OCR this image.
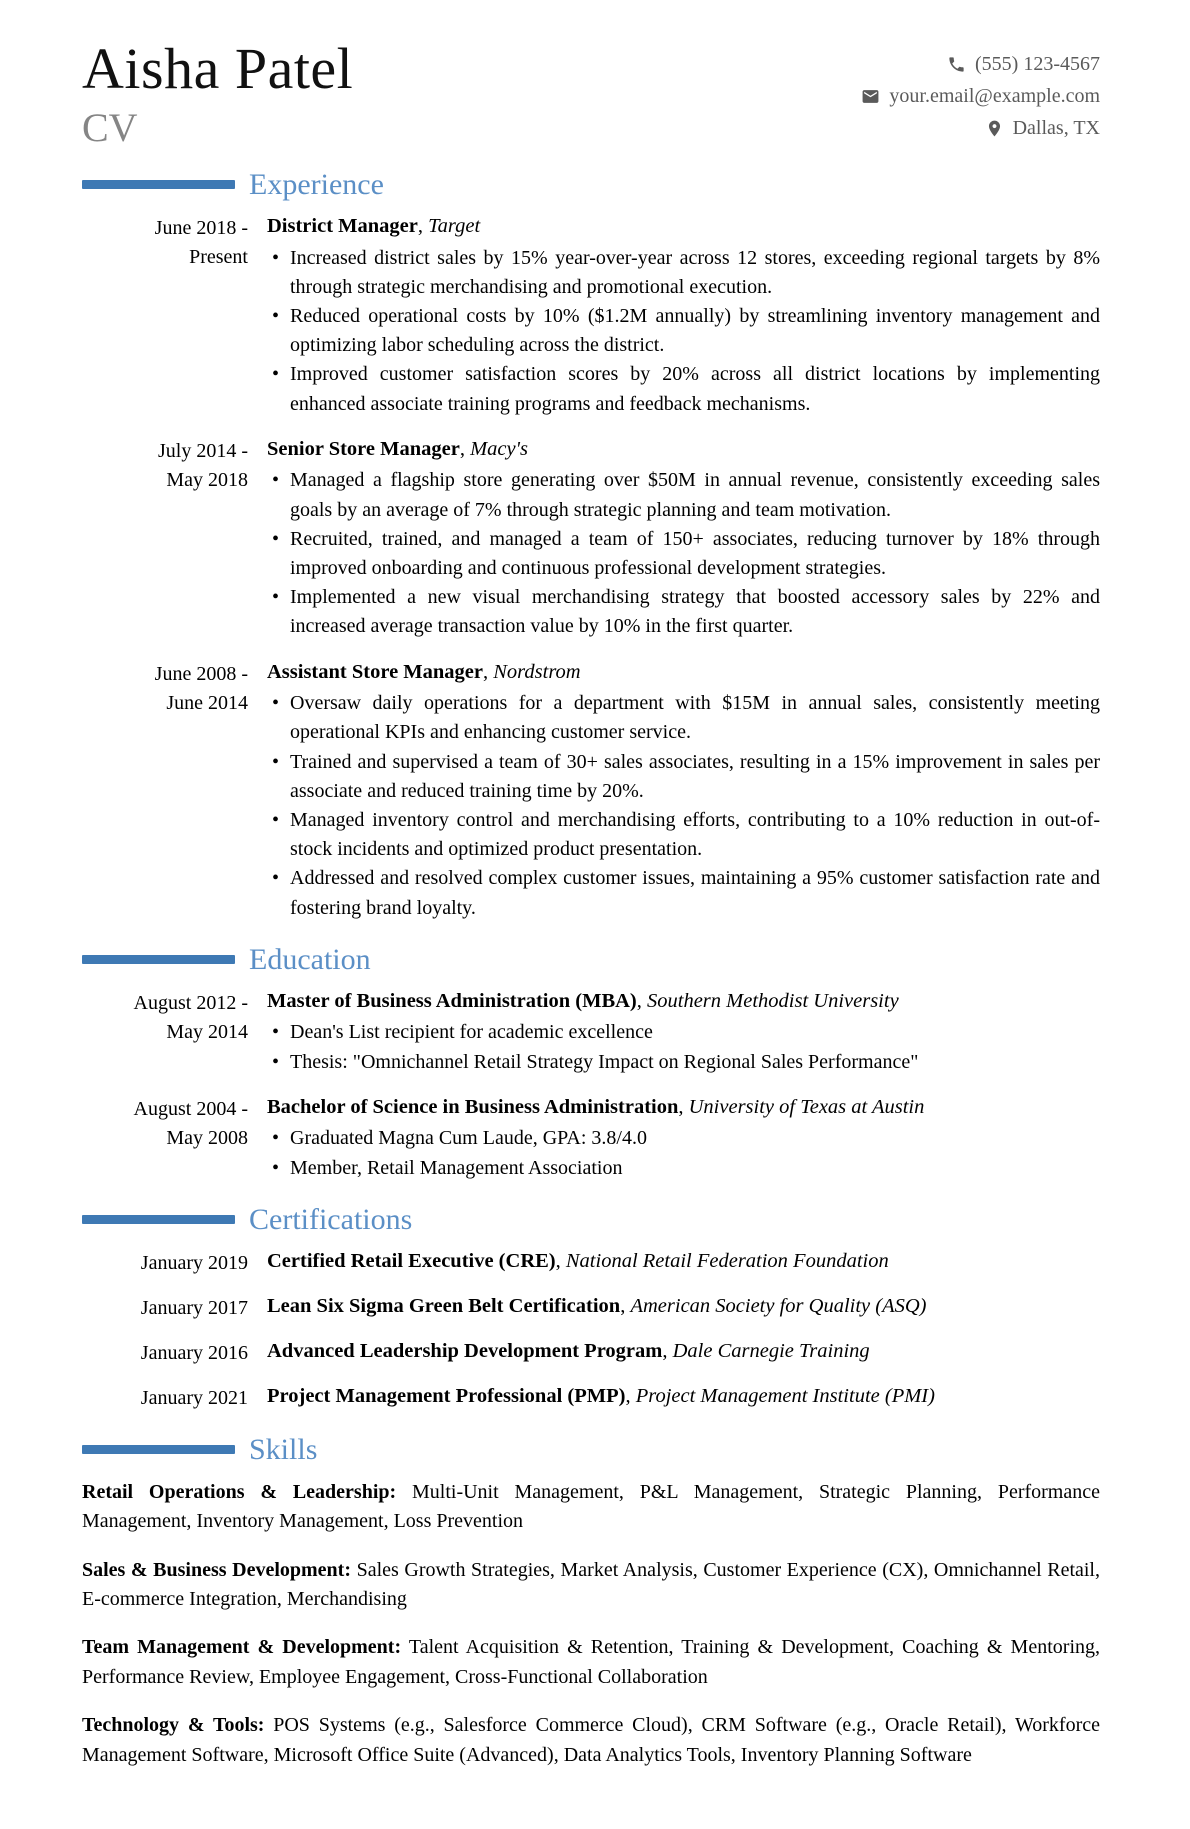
Aisha Patel
CV
(555) 123-4567
your.email@example.com
Dallas, TX
Experience
June 2018 -
Present
District Manager, Target
• Increased district sales by 15% year-over-year across 12 stores, exceeding regional targets by 8% through strategic merchandising and promotional execution.
• Reduced operational costs by 10% ($1.2M annually) by streamlining inventory management and optimizing labor scheduling across the district.
• Improved customer satisfaction scores by 20% across all district locations by implementing enhanced associate training programs and feedback mechanisms.
July 2014 -
May 2018
Senior Store Manager, Macy's
• Managed a flagship store generating over $50M in annual revenue, consistently exceeding sales goals by an average of 7% through strategic planning and team motivation.
• Recruited, trained, and managed a team of 150+ associates, reducing turnover by 18% through improved onboarding and continuous professional development strategies.
• Implemented a new visual merchandising strategy that boosted accessory sales by 22% and increased average transaction value by 10% in the first quarter.
June 2008 -
June 2014
Assistant Store Manager, Nordstrom
• Oversaw daily operations for a department with $15M in annual sales, consistently meeting operational KPIs and enhancing customer service.
• Trained and supervised a team of 30+ sales associates, resulting in a 15% improvement in sales per associate and reduced training time by 20%.
• Managed inventory control and merchandising efforts, contributing to a 10% reduction in out-of-stock incidents and optimized product presentation.
• Addressed and resolved complex customer issues, maintaining a 95% customer satisfaction rate and fostering brand loyalty.
Education
August 2012 -
May 2014
Master of Business Administration (MBA), Southern Methodist University
• Dean's List recipient for academic excellence
• Thesis: "Omnichannel Retail Strategy Impact on Regional Sales Performance"
August 2004 -
May 2008
Bachelor of Science in Business Administration, University of Texas at Austin
• Graduated Magna Cum Laude, GPA: 3.8/4.0
• Member, Retail Management Association
Certifications
January 2019 Certified Retail Executive (CRE), National Retail Federation Foundation
January 2017 Lean Six Sigma Green Belt Certification, American Society for Quality (ASQ)
January 2016 Advanced Leadership Development Program, Dale Carnegie Training
January 2021 Project Management Professional (PMP), Project Management Institute (PMI)
Skills

Retail Operations & Leadership: Multi-Unit Management, P&L Management, Strategic Planning, Performance Management, Inventory Management, Loss Prevention

Sales & Business Development: Sales Growth Strategies, Market Analysis, Customer Experience (CX), Omnichannel Retail, E-commerce Integration, Merchandising

Team Management & Development: Talent Acquisition & Retention, Training & Development, Coaching & Mentoring, Performance Review, Employee Engagement, Cross-Functional Collaboration

Technology & Tools: POS Systems (e.g., Salesforce Commerce Cloud), CRM Software (e.g., Oracle Retail), Workforce Management Software, Microsoft Office Suite (Advanced), Data Analytics Tools, Inventory Planning Software
